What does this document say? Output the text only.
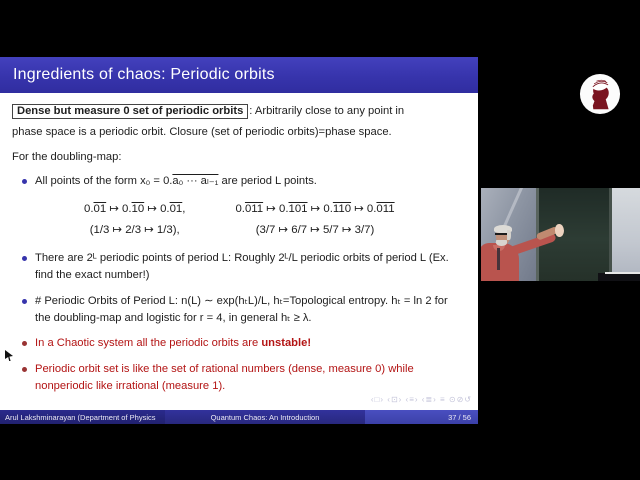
Ingredients of chaos: Periodic orbits
Dense but measure 0 set of periodic orbits : Arbitrarily close to any point in
phase space is a periodic orbit. Closure (set of periodic orbits)=phase space.
For the doubling-map:
All points of the form x₀ = 0.a₀ ··· aₗ₋₁ are period L points.
0.01 ↦ 0.10 ↦ 0.01,
(1/3 ↦ 2/3 ↦ 1/3),
0.011 ↦ 0.101 ↦ 0.110 ↦ 0.011
(3/7 ↦ 6/7 ↦ 5/7 ↦ 3/7)
There are 2ᴸ periodic points of period L: Roughly 2ᴸ/L periodic orbits of period L (Ex. find the exact number!)
# Periodic Orbits of Period L: n(L) ∼ exp(hₜL)/L, hₜ=Topological entropy. hₜ = ln 2 for the doubling-map and logistic for r = 4, in general hₜ ≥ λ.
In a Chaotic system all the periodic orbits are unstable!
Periodic orbit set is like the set of rational numbers (dense, measure 0) while nonperiodic like irrational (measure 1).
‹□› ‹⊡› ‹≡› ‹≣› ≡ ⊙⊘↺
Arul Lakshminarayan (Department of Physics	Quantum Chaos: An Introduction	37 / 56
